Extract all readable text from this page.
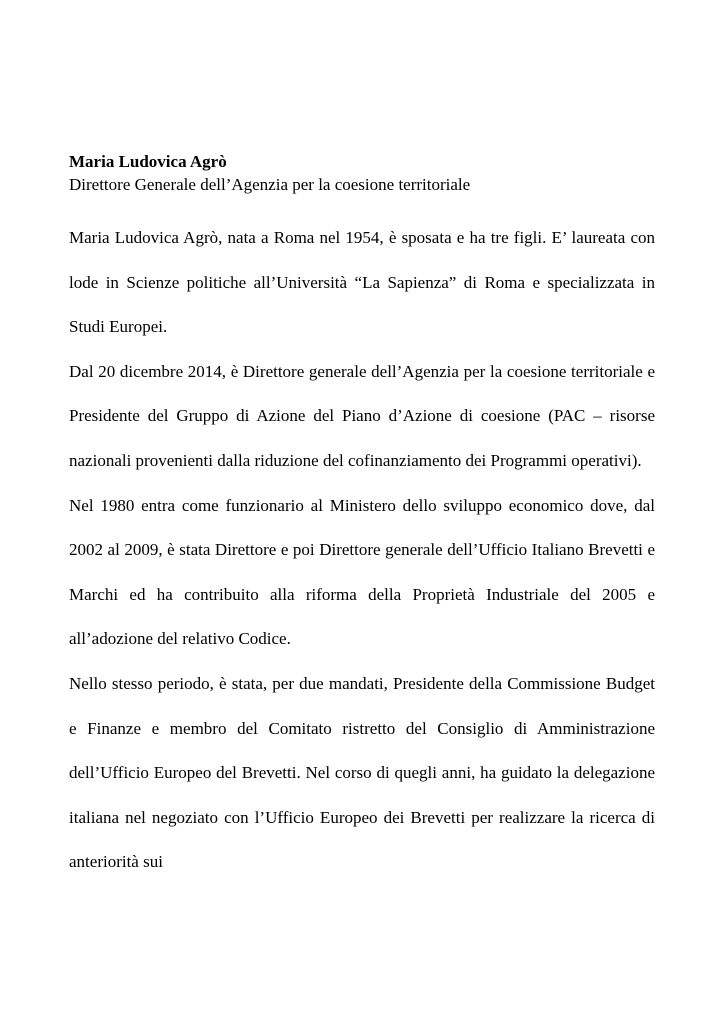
Maria Ludovica Agrò

Direttore Generale dell’Agenzia per la coesione territoriale

Maria Ludovica Agrò, nata a Roma nel 1954, è sposata e ha tre figli. E’ laureata con lode in Scienze politiche all’Università “La Sapienza” di Roma e specializzata in Studi Europei.

Dal 20 dicembre 2014, è Direttore generale dell’Agenzia per la coesione territoriale e Presidente del Gruppo di Azione del Piano d’Azione di coesione (PAC – risorse nazionali provenienti dalla riduzione del cofinanziamento dei Programmi operativi).

Nel 1980 entra come funzionario al Ministero dello sviluppo economico dove, dal 2002 al 2009, è stata Direttore e poi Direttore generale dell’Ufficio Italiano Brevetti e Marchi ed ha contribuito alla riforma della Proprietà Industriale del 2005 e all’adozione del relativo Codice.

Nello stesso periodo, è stata, per due mandati, Presidente della Commissione Budget e Finanze e membro del Comitato ristretto del Consiglio di Amministrazione dell’Ufficio Europeo del Brevetti. Nel corso di quegli anni, ha guidato la delegazione italiana nel negoziato con l’Ufficio Europeo dei Brevetti per realizzare la ricerca di anteriorità sui
